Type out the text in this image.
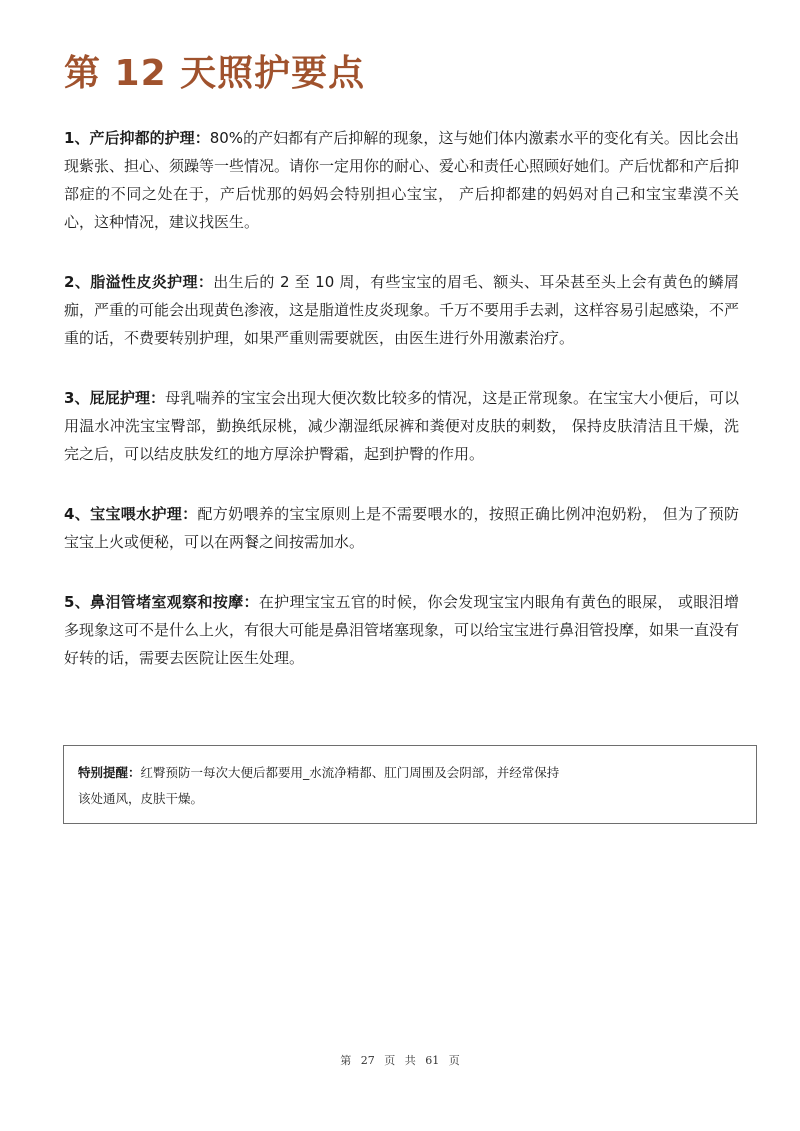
第 12 天照护要点

1、产后抑都的护理：80%的产妇都有产后抑解的现象，这与她们体内激素水平的变化有关。因比会出现紫张、担心、须躁等一些情况。请你一定用你的耐心、爱心和责任心照顾好她们。产后忧都和产后抑部症的不同之处在于，产后忧那的妈妈会特别担心宝宝， 产后抑都建的妈妈对自己和宝宝辈漠不关心，这种情况，建议找医生。

2、脂溢性皮炎护理：出生后的 2 至 10 周，有些宝宝的眉毛、额头、耳朵甚至头上会有黄色的鳞屑痂，严重的可能会出现黄色渗液，这是脂道性皮炎现象。千万不要用手去剥，这样容易引起感染，不严重的话，不费要转别护理，如果严重则需要就医，由医生进行外用激素治疗。

3、屁屁护理：母乳喘养的宝宝会出现大便次数比较多的情况，这是正常现象。在宝宝大小便后，可以用温水冲洗宝宝臀部，勤换纸尿桃，减少潮湿纸尿裤和粪便对皮肤的刺数， 保持皮肤清洁且干燥，洗完之后，可以结皮肤发红的地方厚涂护臀霜，起到护臀的作用。

4、宝宝喂水护理：配方奶喂养的宝宝原则上是不需要喂水的，按照正确比例冲泡奶粉， 但为了预防宝宝上火或便秘，可以在两餐之间按需加水。

5、鼻泪管堵室观察和按摩：在护理宝宝五官的时候，你会发现宝宝内眼角有黄色的眼屎， 或眼泪增多现象这可不是什么上火，有很大可能是鼻泪管堵塞现象，可以给宝宝进行鼻泪管投摩，如果一直没有好转的话，需要去医院让医生处理。

特别提醒：红臀预防一每次大便后都要用_水流净精都、肛门周围及会阴部，并经常保持
该处通风，皮肤干燥。
第 27 页 共 61 页
